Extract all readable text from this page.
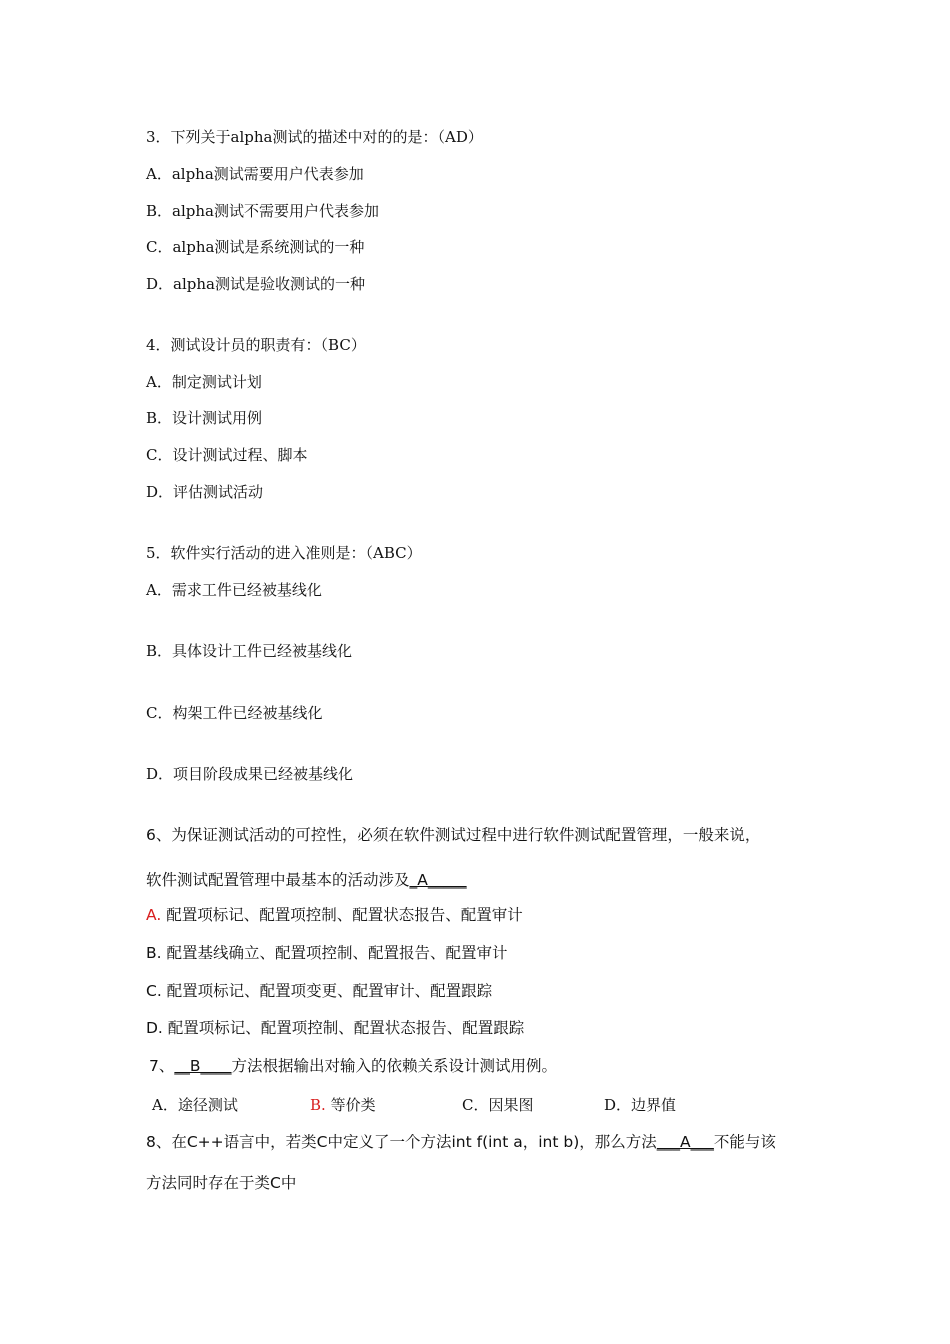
3．下列关于alpha测试的描述中对的的是：（AD）
A．alpha测试需要用户代表参加
B．alpha测试不需要用户代表参加
C．alpha测试是系统测试的一种
D．alpha测试是验收测试的一种
4．测试设计员的职责有：（BC）
A．制定测试计划
B．设计测试用例
C．设计测试过程、脚本
D．评估测试活动
5．软件实行活动的进入准则是：（ABC）
A．需求工件已经被基线化
B．具体设计工件已经被基线化
C．构架工件已经被基线化
D．项目阶段成果已经被基线化
6、为保证测试活动的可控性，必须在软件测试过程中进行软件测试配置管理，一般来说，
软件测试配置管理中最基本的活动涉及_A_____
A. 配置项标记、配置项控制、配置状态报告、配置审计
B. 配置基线确立、配置项控制、配置报告、配置审计
C. 配置项标记、配置项变更、配置审计、配置跟踪
D. 配置项标记、配置项控制、配置状态报告、配置跟踪
7、__B____方法根据输出对输入的依赖关系设计测试用例。
A．途径测试	B. 等价类	C．因果图	D．边界值
8、在C++语言中，若类C中定义了一个方法int f(int a，int b)，那么方法___A___不能与该
方法同时存在于类C中
